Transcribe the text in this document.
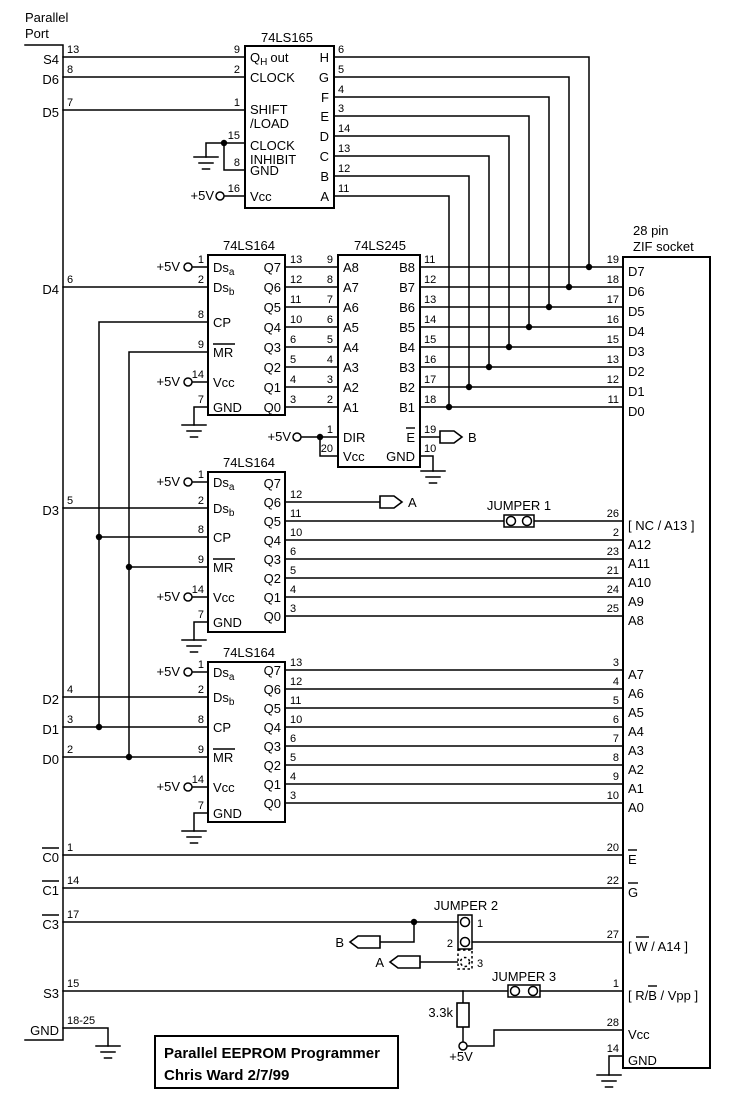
Parallel
Port
S4
13
D6
8
D5
7
D4
6
D3
5
D2
4
D1
3
D0
2
C0
1
C1
14
C3
17
S3
15
GND
18-25
+5V
74LS165
9
2
1
15
8
16
$Q_H$ out
CLOCK
SHIFT
/LOAD
CLOCK
INHIBIT
GND
Vcc
H
G
F
E
D
C
B
A
6
5
4
3
14
13
12
11
+5V
+5V
74LS164
1
2
8
9
14
7
$Ds_a$
$Ds_b$
CP
MR
Vcc
GND
Q7
Q6
Q5
Q4
Q3
Q2
Q1
Q0
13
12
11
10
6
5
4
3
+5V	B
74LS245
9
8
7
6
5
4
3
2
1
20
A8
A7
A6
A5
A4
A3
A2
A1
DIR
Vcc
B8
B7
B6
B5
B4
B3
B2
B1
E
GND
11
12
13
14
15
16
17
18
19
10
+5V
+5V
A	JUMPER 1
74LS164
1
2
8
9
14
7
$Ds_a$
$Ds_b$
CP
MR
Vcc
GND
Q7
Q6
Q5
Q4
Q3
Q2
Q1
Q0
12
11
10
6
5
4
3
+5V
+5V
74LS164
1
2
8
9
14
7
$Ds_a$
$Ds_b$
CP
MR
Vcc
GND
Q7
Q6
Q5
Q4
Q3
Q2
Q1
Q0
13
12
11
10
6
5
4
3
B
A
JUMPER 2
1
2
3
JUMPER 3
3.3k
+5V
28 pin
ZIF socket
19
D7
18
D6
17
D5
16
D4
15
D3
13
D2
12
D1
11
D0
26
[ NC / A13 ]
2
A12
23
A11
21
A10
24
A9
25
A8
3
A7
4
A6
5
A5
6
A4
7
A3
8
A2
9
A1
10
A0
20
E
22
G
27
[ W / A14 ]
1
[ R/B / Vpp ]
28
Vcc
14
GND
Parallel EEPROM Programmer
Chris Ward 2/7/99
